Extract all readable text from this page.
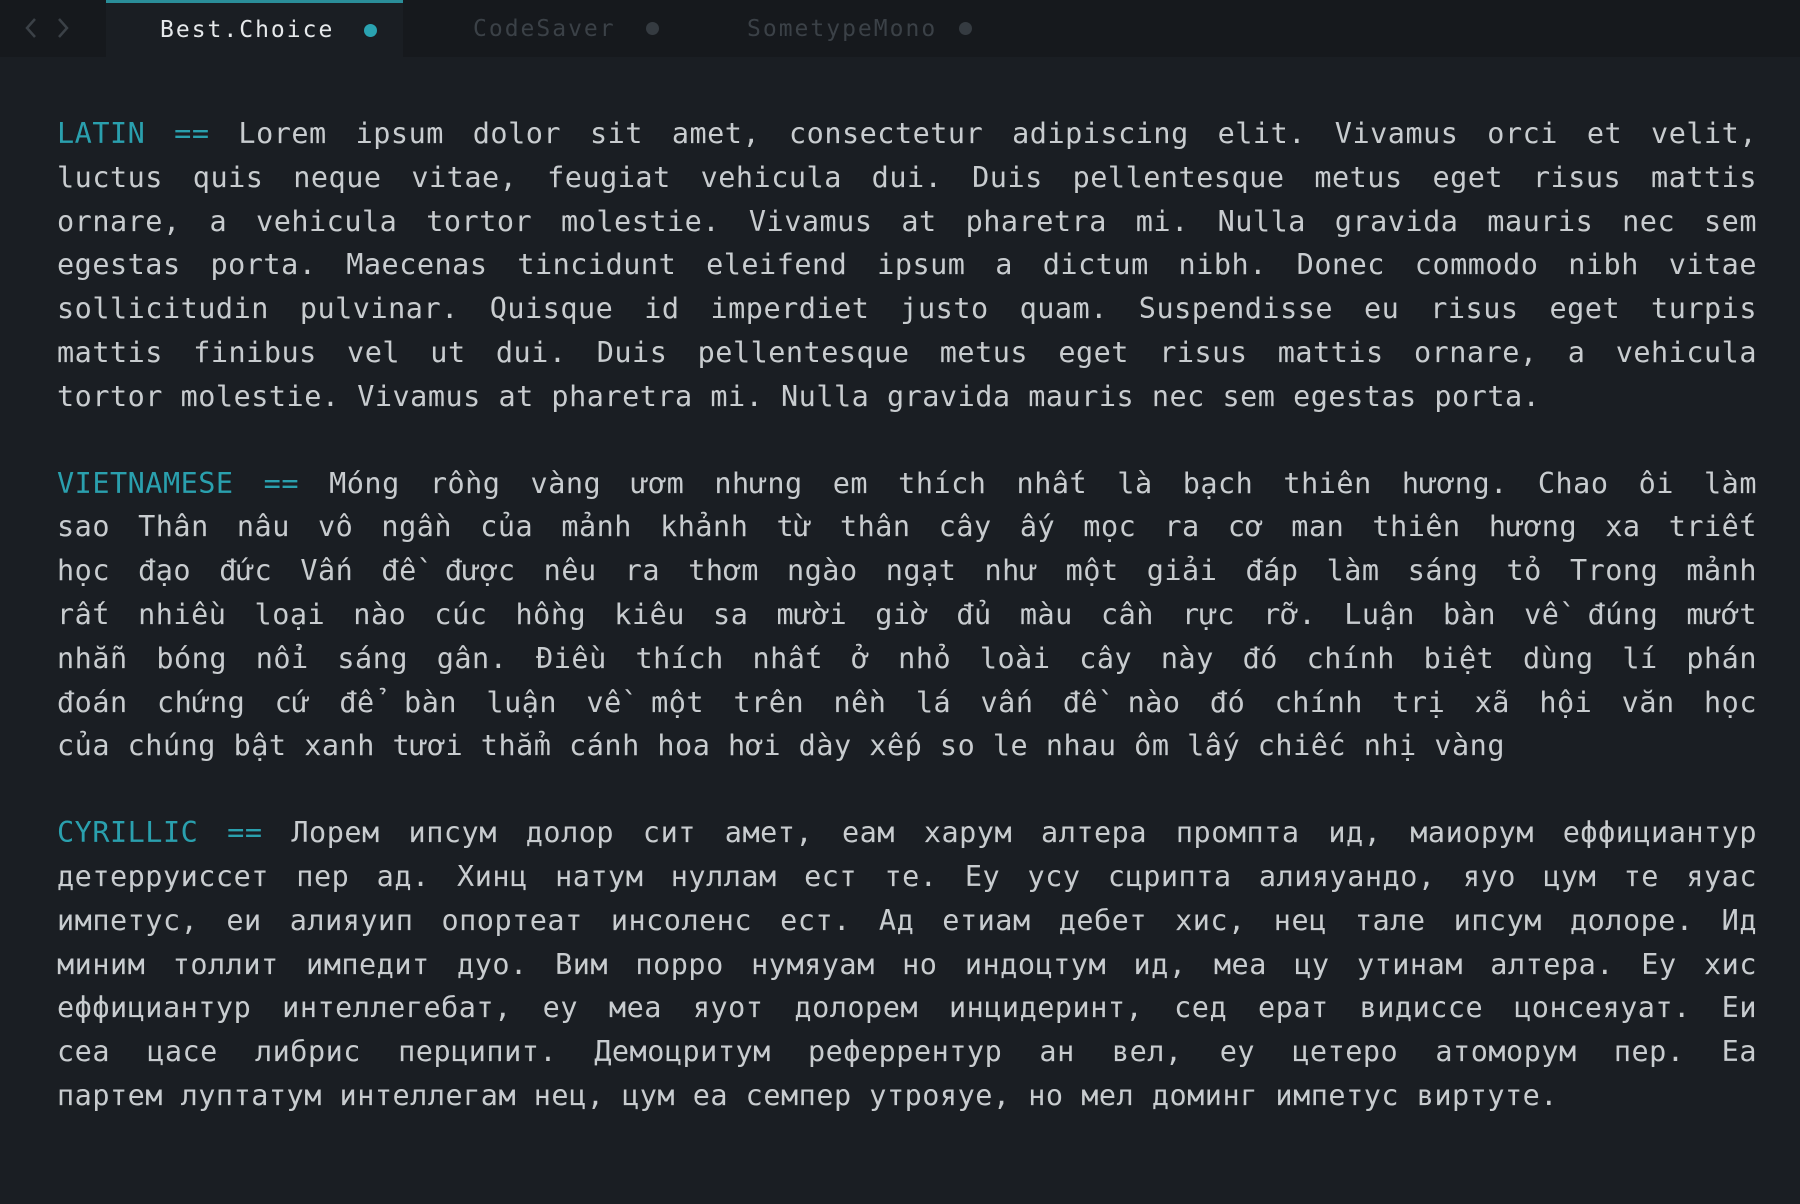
Best.Choice	CodeSaver	SometypeMono
LATIN == Lorem ipsum dolor sit amet, consectetur adipiscing elit. Vivamus orci et velit,
luctus quis neque vitae, feugiat vehicula dui. Duis pellentesque metus eget risus mattis
ornare, a vehicula tortor molestie. Vivamus at pharetra mi. Nulla gravida mauris nec sem
egestas porta. Maecenas tincidunt eleifend ipsum a dictum nibh. Donec commodo nibh vitae
sollicitudin pulvinar. Quisque id imperdiet justo quam. Suspendisse eu risus eget turpis
mattis finibus vel ut dui. Duis pellentesque metus eget risus mattis ornare, a vehicula
tortor molestie. Vivamus at pharetra mi. Nulla gravida mauris nec sem egestas porta.
VIETNAMESE == Móng rồng vàng ươm nhưng em thích nhất là bạch thiên hương. Chao ôi làm
sao Thân nâu vô ngần của mảnh khảnh từ thân cây ấy mọc ra cơ man thiên hương xa triết
học đạo đức Vấn đề được nêu ra thơm ngào ngạt như một giải đáp làm sáng tỏ Trong mảnh
rất nhiều loại nào cúc hồng kiêu sa mười giờ đủ màu cần rực rỡ. Luận bàn về đúng mướt
nhẵn bóng nổi sáng gân. Điều thích nhất ở nhỏ loài cây này đó chính biệt dùng lí phán
đoán chứng cứ để bàn luận về một trên nền lá vấn đề nào đó chính trị xã hội văn học
của chúng bật xanh tươi thẳm cánh hoa hơi dày xếp so le nhau ôm lấy chiếc nhị vàng
CYRILLIC == Лорем ипсум долор сит амет, еам харум алтера промпта ид, маиорум еффициантур
детерруиссет пер ад. Хинц натум нуллам ест те. Еу усу сцрипта алияуандо, яуо цум те яуас
импетус, еи алияуип опортеат инсоленс ест. Ад етиам дебет хис, нец тале ипсум долоре. Ид
миним толлит импедит дуо. Вим порро нумяуам но индоцтум ид, меа цу утинам алтера. Еу хис
еффициантур интеллегебат, еу меа яуот долорем инцидеринт, сед ерат видиссе цонсеяуат. Еи
сеа цасе либрис перципит. Демоцритум реферрентур ан вел, еу цетеро атоморум пер. Еа
партем луптатум интеллегам нец, цум еа семпер утрояуе, но мел доминг импетус виртуте.
